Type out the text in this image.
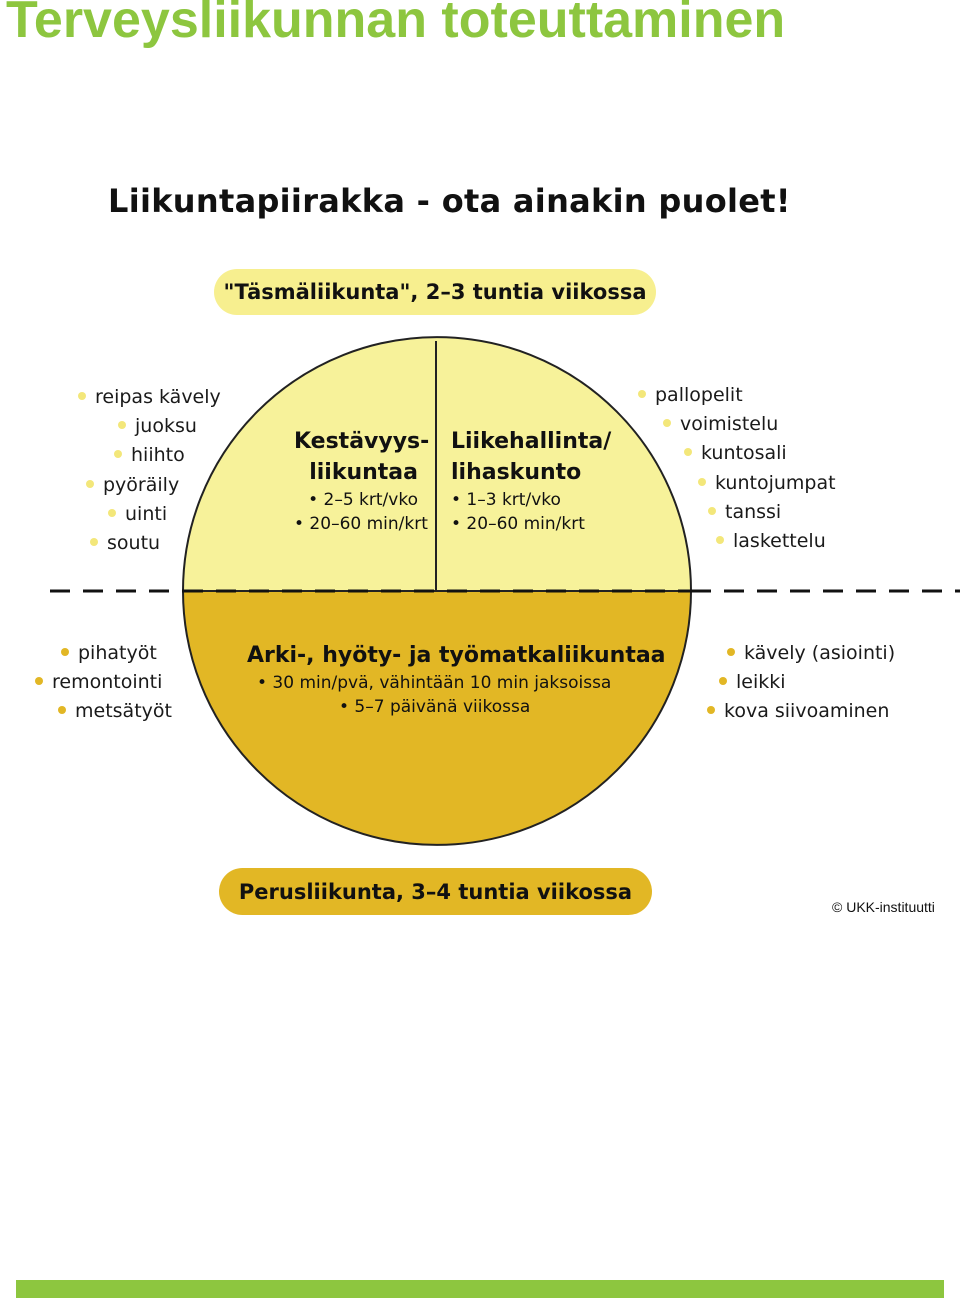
Terveysliikunnan toteuttaminen
Liikuntapiirakka - ota ainakin puolet!
"Täsmäliikunta", 2–3 tuntia viikossa
Kestävyys-
liikuntaa
• 2–5 krt/vko
• 20–60 min/krt
Liikehallinta/
lihaskunto
• 1–3 krt/vko
• 20–60 min/krt
Arki-, hyöty- ja työmatkaliikuntaa
• 30 min/pvä, vähintään 10 min jaksoissa
• 5–7 päivänä viikossa
reipas kävely
juoksu
hiihto
pyöräily
uinti
soutu
pallopelit
voimistelu
kuntosali
kuntojumpat
tanssi
laskettelu
pihatyöt
remontointi
metsätyöt
kävely (asiointi)
leikki
kova siivoaminen
Perusliikunta, 3–4 tuntia viikossa
© UKK-instituutti
